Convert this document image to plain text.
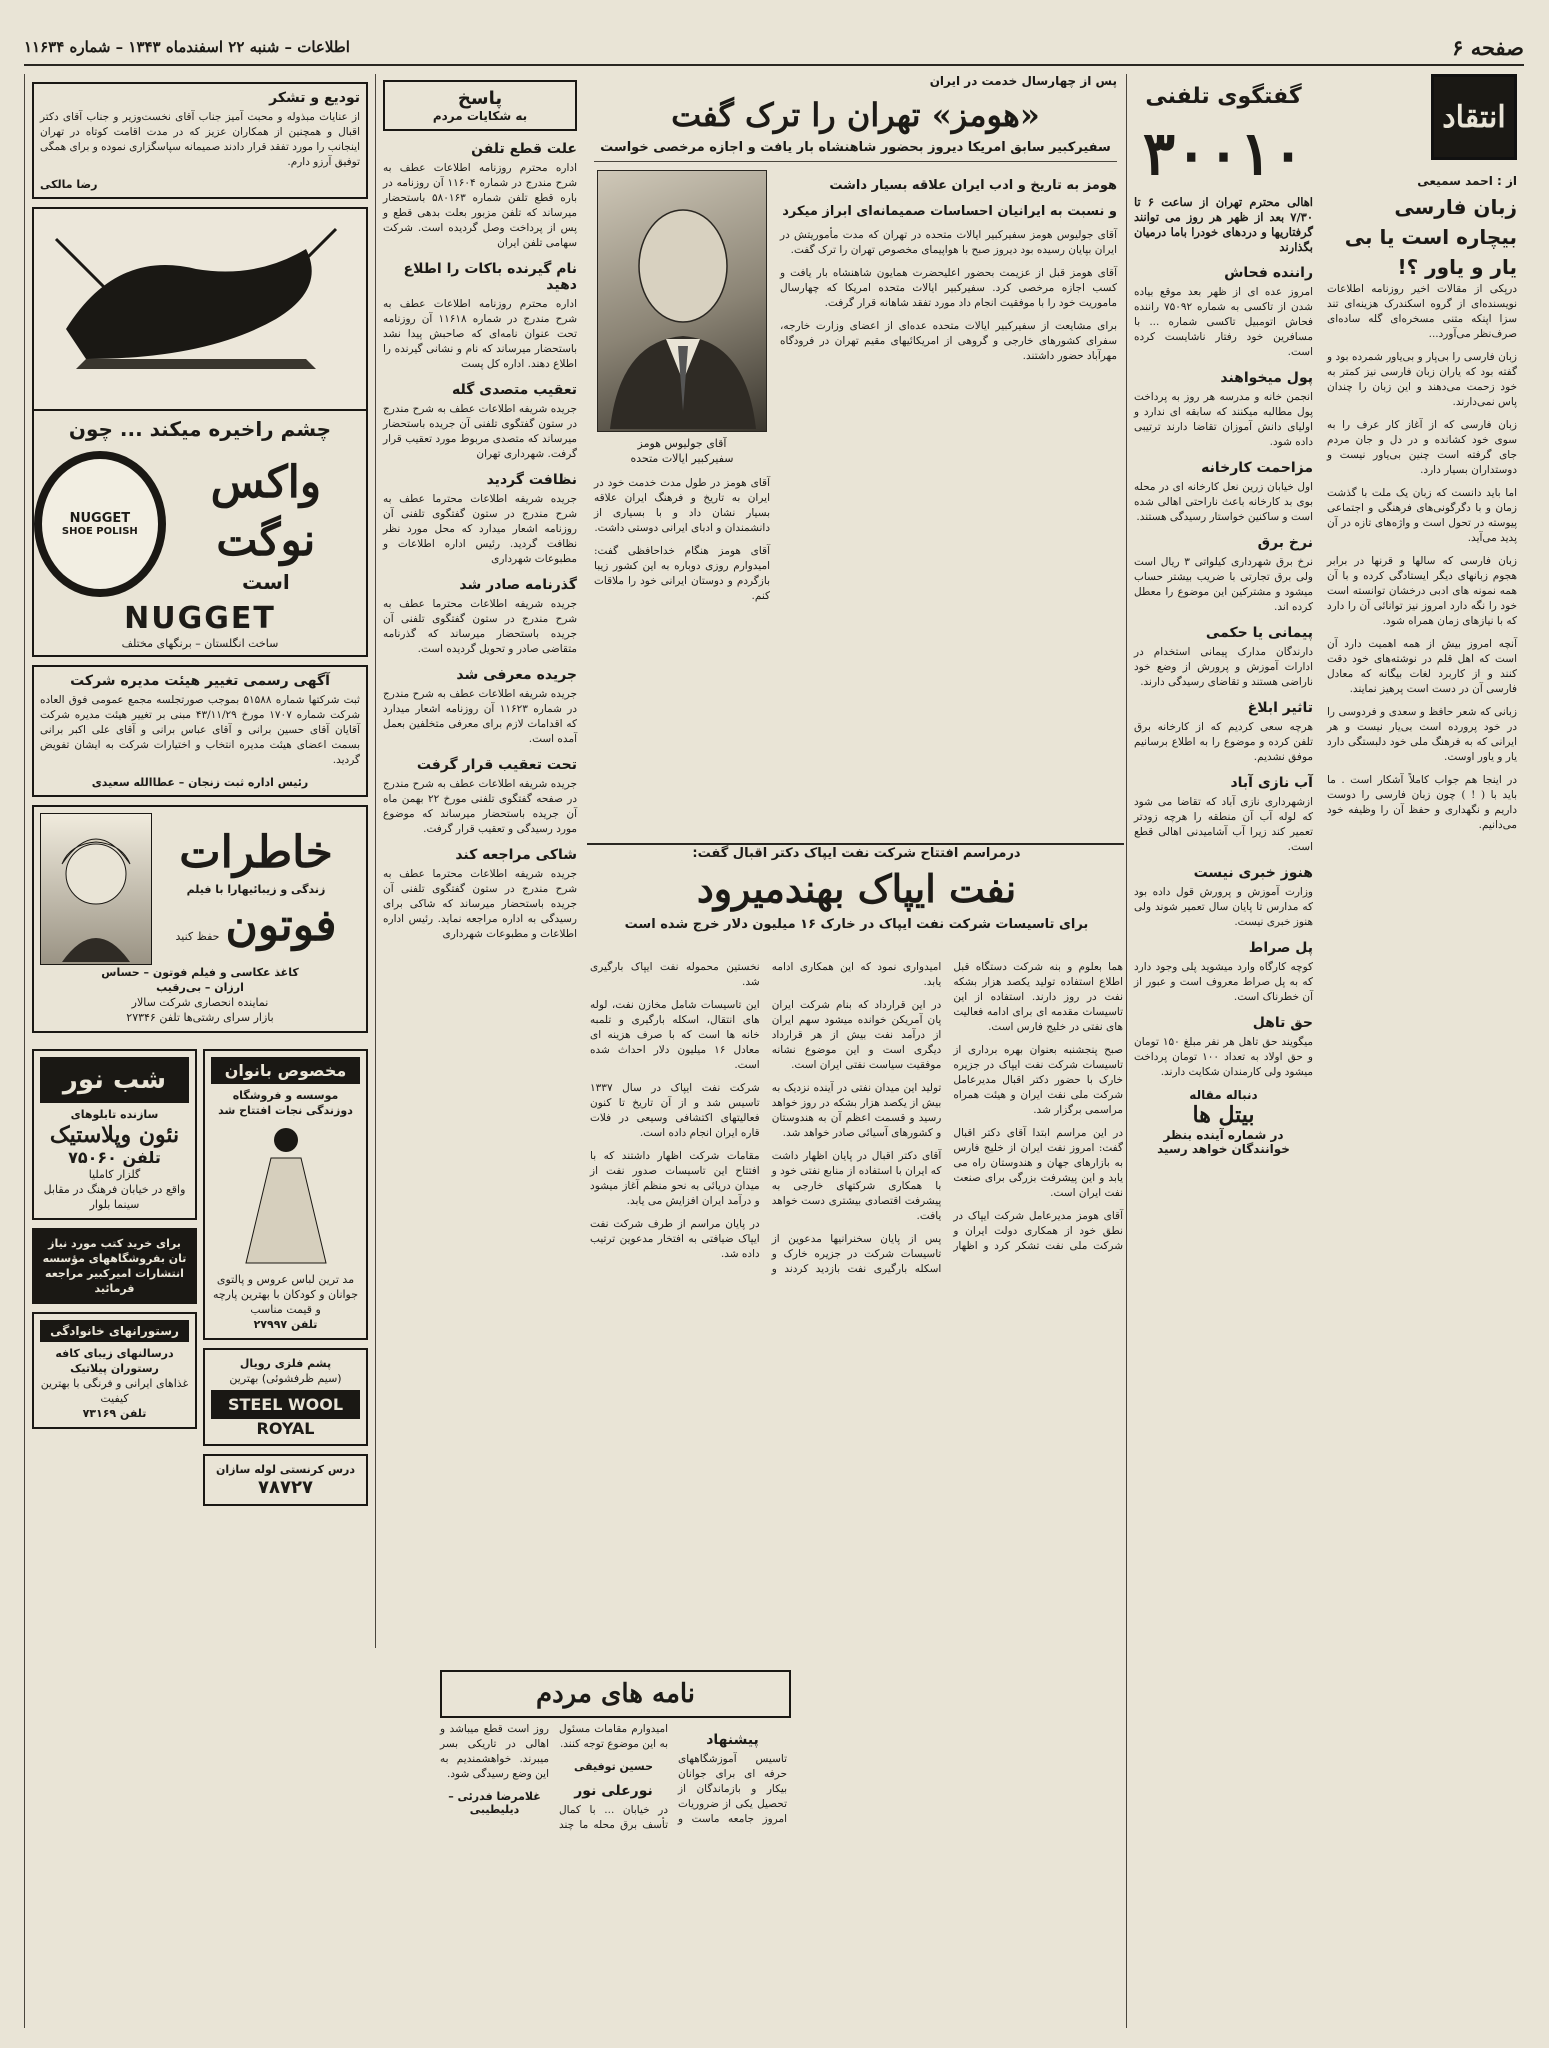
صفحه ۶
اطلاعات – شنبه ۲۲ اسفندماه ۱۳۴۳ – شماره ۱۱۶۳۴
انتقاد
از : احمد سمیعی
زبان فارسی بیچاره است یا بی یار و یاور ؟!

درپکی از مقالات اخیر روزنامه اطلاعات نویسنده‌ای از گروه اسکندرک هزینه‌ای تند سزا اپنکه متنی مسخره‌ای گله ساده‌ای صرف‌نظر می‌آورد...

زبان فارسی را بی‌پار و بی‌یاور شمرده بود و گفته بود که یاران زبان فارسی نیز کمتر به خود زحمت می‌دهند و این زبان را چندان پاس نمی‌دارند.

زبان فارسی که از آغاز کار عرف را به سوی خود کشانده و در دل و جان مردم جای گرفته است چنین بی‌یاور نیست و دوستداران بسیار دارد.

اما باید دانست که زبان یک ملت با گذشت زمان و با دگرگونی‌های فرهنگی و اجتماعی پیوسته در تحول است و واژه‌های تازه در آن پدید می‌آید.

زبان فارسی که سالها و قرنها در برابر هجوم زبانهای دیگر ایستادگی کرده و با آن همه نمونه های ادبی درخشان توانسته است خود را نگه دارد امروز نیز توانائی آن را دارد که با نیازهای زمان همراه شود.

آنچه امروز بیش از همه اهمیت دارد آن است که اهل قلم در نوشته‌های خود دقت کنند و از کاربرد لغات بیگانه که معادل فارسی آن در دست است پرهیز نمایند.

زبانی که شعر حافظ و سعدی و فردوسی را در خود پرورده است بی‌یار نیست و هر ایرانی که به فرهنگ ملی خود دلبستگی دارد یار و یاور اوست.

در اینجا هم جواب کاملاً آشکار است . ما باید با ( ! ) چون زبان فارسی را دوست داریم و نگهداری و حفظ آن را وظیفه خود می‌دانیم.

گفتگوی تلفنی
۳۰۰۱۰

اهالی محترم تهران از ساعت ۶ تا ۷/۳۰ بعد از ظهر هر روز می توانند گرفتاریها و دردهای خودرا باما درمیان بگذارند

راننده فحاش

امروز عده ای از ظهر بعد موقع بیاده شدن از تاکسی به شماره ۷۵۰۹۲ راننده فحاش اتومبیل تاکسی شماره ... با مسافرین خود رفتار ناشایست کرده است.

پول میخواهند

انجمن خانه و مدرسه هر روز به پرداخت پول مطالبه میکنند که سابقه ای ندارد و اولیای دانش آموزان تقاضا دارند ترتیبی داده شود.

مزاحمت کارخانه

اول خیابان زرین نعل کارخانه ای در محله بوی بد کارخانه باعث ناراحتی اهالی شده است و ساکنین خواستار رسیدگی هستند.

نرخ برق

نرخ برق شهرداری کیلواتی ۳ ریال است ولی برق تجارتی با ضریب بیشتر حساب میشود و مشترکین این موضوع را معطل کرده اند.

پیمانی یا حکمی

دارندگان مدارک پیمانی استخدام در ادارات آموزش و پرورش از وضع خود ناراضی هستند و تقاضای رسیدگی دارند.

تاثیر ابلاغ

هرچه سعی کردیم که از کارخانه برق تلفن کرده و موضوع را به اطلاع برسانیم موفق نشدیم.

آب نازی آباد

ازشهرداری نازی آباد که تقاضا می شود که لوله آب آن منطقه را هرچه زودتر تعمیر کند زیرا آب آشامیدنی اهالی قطع است.

هنوز خبری نیست

وزارت آموزش و پرورش قول داده بود که مدارس تا پایان سال تعمیر شوند ولی هنوز خبری نیست.

پل صراط

کوچه کارگاه وارد میشوید پلی وجود دارد که به پل صراط معروف است و عبور از آن خطرناک است.

حق تاهل

میگویند حق تاهل هر نفر مبلغ ۱۵۰ تومان و حق اولاد به تعداد ۱۰۰ تومان پرداخت میشود ولی کارمندان شکایت دارند.

دنباله مقاله
بیتل ها
در شماره آینده بنظر خوانندگان خواهد رسید

پس از چهارسال خدمت در ایران

«هومز» تهران را ترک گفت
سفیرکبیر سابق امریکا دیروز بحضور شاهنشاه بار یافت و اجازه مرخصی خواست
هومز به تاریخ و ادب ایران علاقه بسیار داشت
و نسبت به ایرانیان احساسات صمیمانه‌ای ابراز میکرد

آقای جولیوس هومز سفیرکبیر ایالات متحده در تهران که مدت مأموریتش در ایران بپایان رسیده بود دیروز صبح با هواپیمای مخصوص تهران را ترک گفت.

آقای هومز قبل از عزیمت بحضور اعلیحضرت همایون شاهنشاه بار یافت و کسب اجازه مرخصی کرد. سفیرکبیر ایالات متحده امریکا که چهارسال ماموریت خود را با موفقیت انجام داد مورد تفقد شاهانه قرار گرفت.

برای مشایعت از سفیرکبیر ایالات متحده عده‌ای از اعضای وزارت خارجه، سفرای کشورهای خارجی و گروهی از امریکائیهای مقیم تهران در فرودگاه مهرآباد حضور داشتند.

آقای جولیوس هومز
سفیرکبیر ایالات متحده

آقای هومز در طول مدت خدمت خود در ایران به تاریخ و فرهنگ ایران علاقه بسیار نشان داد و با بسیاری از دانشمندان و ادبای ایرانی دوستی داشت.

آقای هومز هنگام خداحافظی گفت: امیدوارم روزی دوباره به این کشور زیبا بازگردم و دوستان ایرانی خود را ملاقات کنم.

درمراسم افتتاح شرکت نفت ایپاک دکتر اقبال گفت:
نفت ایپاک بهندمیرود
برای تاسیسات شرکت نفت ایپاک در خارک ۱۶ میلیون دلار خرج شده است

هما بعلوم و بنه شرکت دستگاه قبل اطلاع استفاده تولید یکصد هزار بشکه نفت در روز دارند. استفاده از این تاسیسات مقدمه ای برای ادامه فعالیت های نفتی در خلیج فارس است.

صبح پنجشنبه بعنوان بهره برداری از تاسیسات شرکت نفت ایپاک در جزیره خارک با حضور دکتر اقبال مدیرعامل شرکت ملی نفت ایران و هیئت همراه مراسمی برگزار شد.

در این مراسم ابتدا آقای دکتر اقبال گفت: امروز نفت ایران از خلیج فارس به بازارهای جهان و هندوستان راه می یابد و این پیشرفت بزرگی برای صنعت نفت ایران است.

آقای هومز مدیرعامل شرکت ایپاک در نطق خود از همکاری دولت ایران و شرکت ملی نفت تشکر کرد و اظهار امیدواری نمود که این همکاری ادامه یابد.

در این قرارداد که بنام شرکت ایران پان آمریکن خوانده میشود سهم ایران از درآمد نفت بیش از هر قرارداد دیگری است و این موضوع نشانه موفقیت سیاست نفتی ایران است.

تولید این میدان نفتی در آینده نزدیک به بیش از یکصد هزار بشکه در روز خواهد رسید و قسمت اعظم آن به هندوستان و کشورهای آسیائی صادر خواهد شد.

آقای دکتر اقبال در پایان اظهار داشت که ایران با استفاده از منابع نفتی خود و با همکاری شرکتهای خارجی به پیشرفت اقتصادی بیشتری دست خواهد یافت.

پس از پایان سخنرانیها مدعوین از تاسیسات شرکت در جزیره خارک و اسکله بارگیری نفت بازدید کردند و نخستین محموله نفت ایپاک بارگیری شد.

این تاسیسات شامل مخازن نفت، لوله های انتقال، اسکله بارگیری و تلمبه خانه ها است که با صرف هزینه ای معادل ۱۶ میلیون دلار احداث شده است.

شرکت نفت ایپاک در سال ۱۳۳۷ تاسیس شد و از آن تاریخ تا کنون فعالیتهای اکتشافی وسیعی در فلات قاره ایران انجام داده است.

مقامات شرکت اظهار داشتند که با افتتاح این تاسیسات صدور نفت از میدان دریائی به نحو منظم آغاز میشود و درآمد ایران افزایش می یابد.

در پایان مراسم از طرف شرکت نفت ایپاک ضیافتی به افتخار مدعوین ترتیب داده شد.

پاسخ
به شکایات مردم
علت قطع تلفن

اداره محترم روزنامه اطلاعات عطف به شرح مندرج در شماره ۱۱۶۰۴ آن روزنامه در باره قطع تلفن شماره ۵۸۰۱۶۳ باستحضار میرساند که تلفن مزبور بعلت بدهی قطع و پس از پرداخت وصل گردیده است. شرکت سهامی تلفن ایران

نام گیرنده باکات را اطلاع دهید

اداره محترم روزنامه اطلاعات عطف به شرح مندرج در شماره ۱۱۶۱۸ آن روزنامه تحت عنوان نامه‌ای که صاحبش پیدا نشد باستحضار میرساند که نام و نشانی گیرنده را اطلاع دهند. اداره کل پست

تعقیب متصدی گله

جریده شریفه اطلاعات عطف به شرح مندرج در ستون گفتگوی تلفنی آن جریده باستحضار میرساند که متصدی مربوط مورد تعقیب قرار گرفت. شهرداری تهران

نظافت گردید

جریده شریفه اطلاعات محترما عطف به شرح مندرج در ستون گفتگوی تلفنی آن روزنامه اشعار میدارد که محل مورد نظر نظافت گردید. رئیس اداره اطلاعات و مطبوعات شهرداری

گذرنامه صادر شد

جریده شریفه اطلاعات محترما عطف به شرح مندرج در ستون گفتگوی تلفنی آن جریده باستحضار میرساند که گذرنامه متقاضی صادر و تحویل گردیده است.

جریده معرفی شد

جریده شریفه اطلاعات عطف به شرح مندرج در شماره ۱۱۶۲۳ آن روزنامه اشعار میدارد که اقدامات لازم برای معرفی متخلفین بعمل آمده است.

تحت تعقیب قرار گرفت

جریده شریفه اطلاعات عطف به شرح مندرج در صفحه گفتگوی تلفنی مورخ ۲۲ بهمن ماه آن جریده باستحضار میرساند که موضوع مورد رسیدگی و تعقیب قرار گرفت.

شاکی مراجعه کند

جریده شریفه اطلاعات محترما عطف به شرح مندرج در ستون گفتگوی تلفنی آن جریده باستحضار میرساند که شاکی برای رسیدگی به اداره مراجعه نماید. رئیس اداره اطلاعات و مطبوعات شهرداری

نامه های مردم
پیشنهاد

تاسیس آموزشگاههای حرفه ای برای جوانان بیکار و بازماندگان از تحصیل یکی از ضروریات امروز جامعه ماست و امیدوارم مقامات مسئول به این موضوع توجه کنند.

حسین توفیقی
نورعلی نور

در خیابان ... با کمال تأسف برق محله ما چند روز است قطع میباشد و اهالی در تاریکی بسر میبرند. خواهشمندیم به این وضع رسیدگی شود.

غلامرضا فدرئی – دیلیطیبی
تودیع و تشکر

از عنایات مبذوله و محبت آمیز جناب آقای نخست‌وزیر و جناب آقای دکتر اقبال و همچنین از همکاران عزیز که در مدت اقامت کوتاه در تهران اینجانب را مورد تفقد قرار دادند صمیمانه سپاسگزاری نموده و برای همگی توفیق آرزو دارم.

رضا مالکی
چشم راخیره میکند ... چون
واکس نوگت
است
NUGGET
SHOE POLISH
NUGGET
ساخت انگلستان – برنگهای مختلف
آگهی رسمی تغییر هیئت مدیره شرکت

ثبت شرکتها شماره ۵۱۵۸۸ بموجب صورتجلسه مجمع عمومی فوق العاده شرکت شماره ۱۷۰۷ مورخ ۴۳/۱۱/۲۹ مبنی بر تغییر هیئت مدیره شرکت آقایان آقای حسین برانی و آقای عباس برانی و آقای علی اکبر برانی بسمت اعضای هیئت مدیره انتخاب و اختیارات شرکت به ایشان تفویض گردید.

رئیس اداره ثبت زنجان – عطاالله سعیدی
خاطرات
زندگی و زیبائیهارا با فیلم
فوتون
حفظ کنید
کاغذ عکاسی و فیلم فوتون – حساس
ارزان – بی‌رقیب
نماینده انحصاری شرکت سالار
بازار سرای رشتی‌ها تلفن ۲۷۳۴۶
مخصوص بانوان
موسسه و فروشگاه دوزندگی نجات افتتاح شد
مد ترین لباس عروس و پالتوی جوانان و کودکان با بهترین پارچه و قیمت مناسب
تلفن ۲۷۹۹۷
پشم فلزی رویال
(سیم ظرفشوئی) بهترین
STEEL WOOL
ROYAL
درس کرنستی لوله سازان
۷۸۷۲۷
شب نور
سازنده تابلوهای
نئون وپلاستیک
تلفن ۷۵۰۶۰
گلزار کاملیا
واقع در خیابان فرهنگ در مقابل سینما بلوار
برای خرید کتب مورد نیاز تان بفروشگاههای مؤسسه انتشارات امیرکبیر مراجعه فرمائید
رستورانهای خانوادگی
درسالنهای زیبای کافه رستوران پیلاتیک
غذاهای ایرانی و فرنگی با بهترین کیفیت
تلفن ۷۳۱۶۹
